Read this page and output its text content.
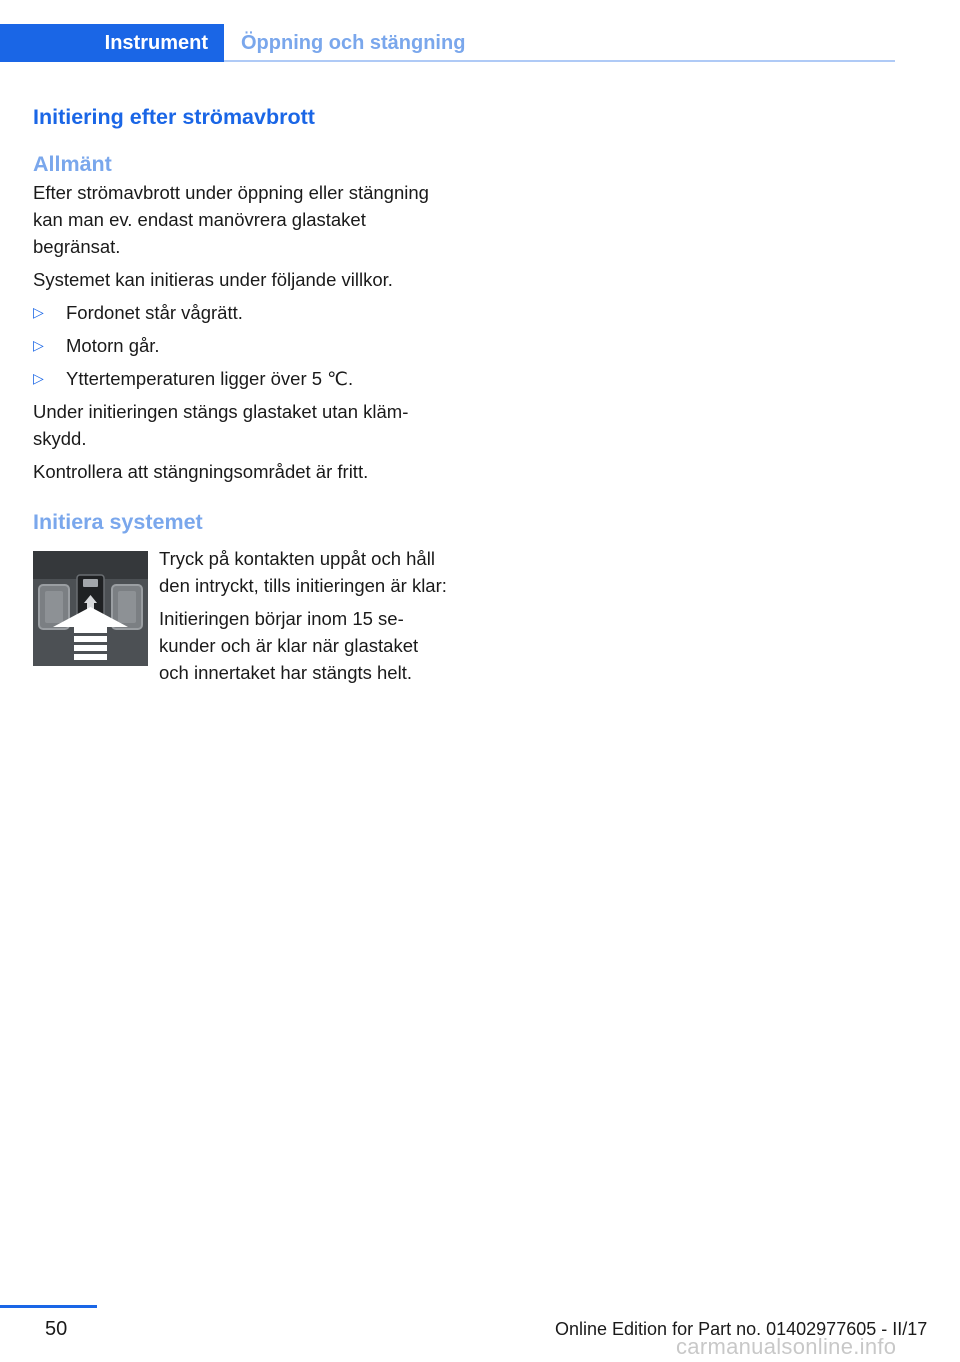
Instrument Öppning och stängning
Initiering efter strömavbrott
Allmänt

Efter strömavbrott under öppning eller stängning kan man ev. endast manövrera glastaket begränsat.

Systemet kan initieras under följande villkor.

▷ Fordonet står vågrätt.
▷ Motorn går.
▷ Yttertemperaturen ligger över 5 ℃.

Under initieringen stängs glastaket utan klämskydd.

Kontrollera att stängningsområdet är fritt.

Initiera systemet

Tryck på kontakten uppåt och håll den intryckt, tills initieringen är klar:

Initieringen börjar inom 15 sekunder och är klar när glastaket och innertaket har stängts helt.

50	Online Edition for Part no. 01402977605 - II/17
carmanualsonline.info
